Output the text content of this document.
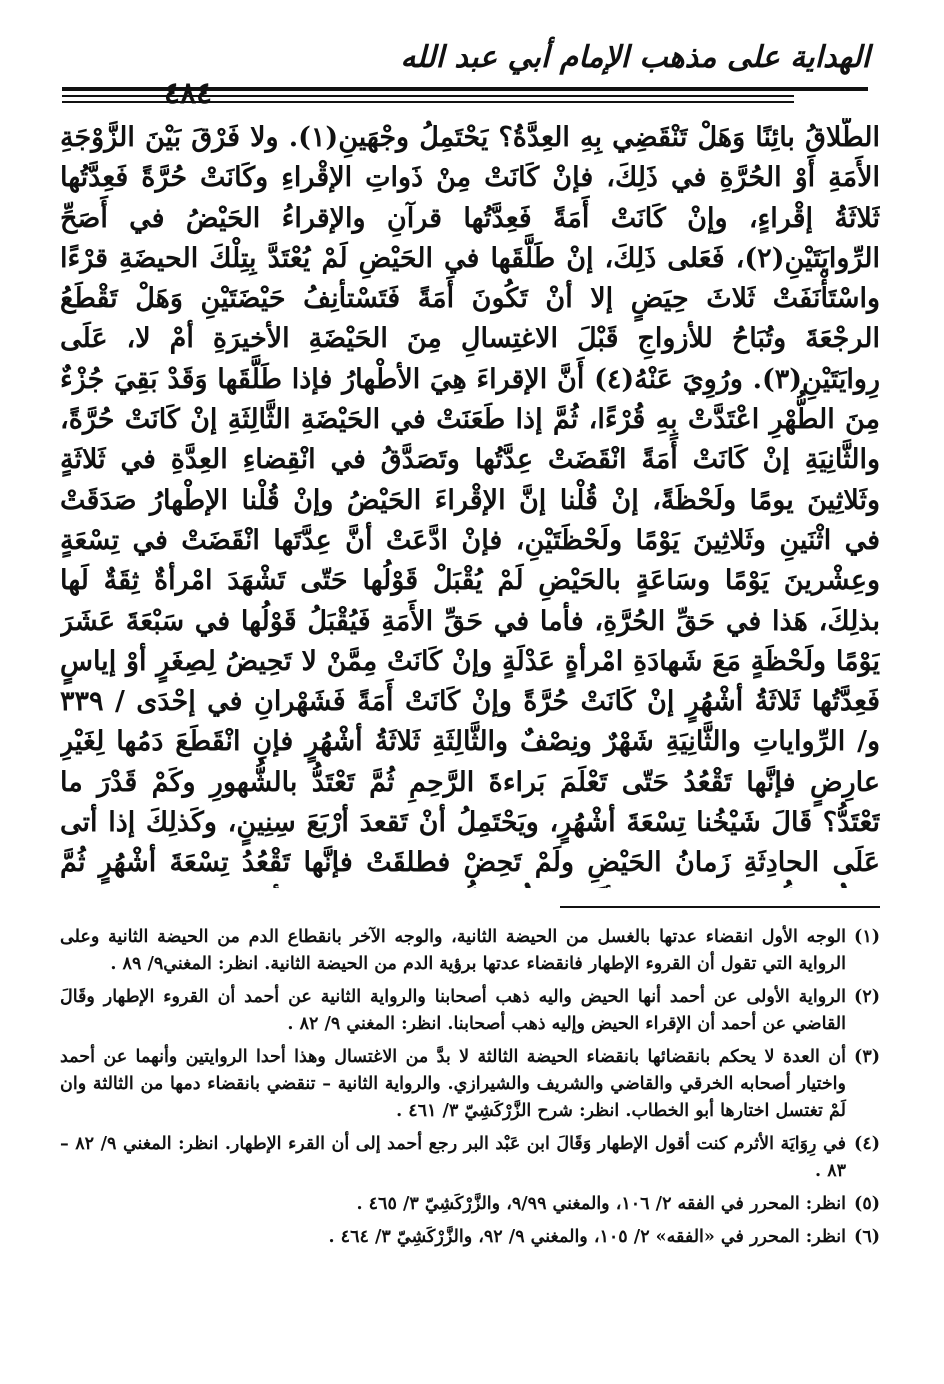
الهداية على مذهب الإمام أبي عبد الله
٤٨٤

الطَّلاقُ بائِنًا وَهَلْ تَنْقَضِي بِهِ العِدَّةُ؟ يَحْتَمِلُ وجْهَينِ(١). ولا فَرْقَ بَيْنَ الزَّوْجَةِ الأَمَةِ أَوْ الحُرَّةِ في ذَلِكَ، فإنْ كَانَتْ مِنْ ذَواتِ الإقْراءِ وكَانَتْ حُرَّةً فَعِدَّتُها ثَلاثَةُ إقْراءٍ، وإنْ كَانَتْ أَمَةً فَعِدَّتُها قرآنِ والإقراءُ الحَيْضُ في أَصَحِّ الرِّوايَتَيْنِ(٢)، فَعَلى ذَلِكَ، إنْ طَلَّقَها في الحَيْضِ لَمْ يُعْتَدَّ بِتِلْكَ الحيضَةِ قرْءًا واسْتَأْنَفَتْ ثَلاثَ حِيَضٍ إلا أنْ تَكُونَ أَمَةً فَتَسْتأنِفُ حَيْضَتَيْنِ وَهَلْ تَقْطَعُ الرجْعَةَ وتُبَاحُ للأزواجِ قَبْلَ الاغتِسالِ مِنَ الحَيْضَةِ الأخيرَةِ أمْ لا، عَلَى رِوايَتَيْنِ(٣). ورُوِيَ عَنْهُ(٤) أَنَّ الإقراءَ هِيَ الأطْهارُ فإذا طَلَّقَها وَقَدْ بَقِيَ جُزْءٌ مِنَ الطُّهْرِ اعْتَدَّتْ بِهِ قُرْءًا، ثُمَّ إذا طَعَنَتْ في الحَيْضَةِ الثَّالِثَةِ إنْ كَانَتْ حُرَّةً، والثَّانِيَةِ إنْ كَانَتْ أَمَةً انْقَضَتْ عِدَّتُها وتَصَدَّقُ في انْقِضاءِ العِدَّةِ في ثَلاثَةٍ وثَلاثِينَ يومًا ولَحْظَةً، إنْ قُلْنا إنَّ الإقْراءَ الحَيْضُ وإنْ قُلْنا الإطْهارُ صَدَقَتْ في اثْنَينِ وثَلاثِينَ يَوْمًا ولَحْظَتَيْنِ، فإنْ ادَّعَتْ أنَّ عِدَّتَها انْقَضَتْ في تِسْعَةٍ وعِشْرينَ يَوْمًا وسَاعَةٍ بالحَيْضِ لَمْ يُقْبَلْ قَوْلُها حَتّى تَشْهَدَ امْرأةٌ ثِقَةٌ لَها بذلِكَ، هَذا في حَقِّ الحُرَّةِ، فأما في حَقِّ الأَمَةِ فَيُقْبَلُ قَوْلُها في سَبْعَةَ عَشَرَ يَوْمًا ولَحْظَةٍ مَعَ شَهادَةِ امْرأةٍ عَدْلَةٍ وإنْ كَانَتْ مِمَّنْ لا تَحِيضُ لِصِغَرٍ أوْ إياسٍ فَعِدَّتُها ثَلاثَةُ أشْهُرٍ إنْ كَانَتْ حُرَّةً وإنْ كَانَتْ أَمَةً فَشَهْرانِ في إحْدَى / ٣٣٩ و/ الرِّواياتِ والثَّانِيَةِ شَهْرٌ ونِصْفٌ والثَّالِثَةِ ثَلاثَةُ أشْهُرٍ فإنِ انْقَطَعَ دَمُها لِغَيْرِ عارِضٍ فإنَّها تَقْعُدُ حَتّى تَعْلَمَ بَراءةَ الرَّحِمِ ثُمَّ تَعْتَدُّ بالشُّهورِ وكَمْ قَدْرَ ما تَعْتَدُّ؟ قَالَ شَيْخُنا تِسْعَةَ أشْهُرٍ، ويَحْتَمِلُ أنْ تَقعدَ أرْبَعَ سِنِينٍ، وكَذلِكَ إذا أتى عَلَى الحادِثَةِ زَمانُ الحَيْضِ ولَمْ تَحِضْ فطلقَتْ فإنَّها تَقْعُدُ تِسْعَةَ أشْهُرٍ ثُمَّ

(١)
الوجه الأول انقضاء عدتها بالغسل من الحيضة الثانية، والوجه الآخر بانقطاع الدم من الحيضة الثانية وعلى الرواية التي تقول أن القروء الإطهار فانقضاء عدتها برؤية الدم من الحيضة الثانية. انظر: المغني٩/ ٨٩ .
(٢)
الرواية الأولى عن أحمد أنها الحيض واليه ذهب أصحابنا والرواية الثانية عن أحمد أن القروء الإطهار وقَالَ القاضي عن أحمد أن الإقراء الحيض وإليه ذهب أصحابنا. انظر: المغني ٩/ ٨٢ .
(٣)
أن العدة لا يحكم بانقضائها بانقضاء الحيضة الثالثة لا بدَّ من الاغتسال وهذا أحدا الروايتين وأنهما عن أحمد واختيار أصحابه الخرقي والقاضي والشريف والشيرازي. والرواية الثانية – تنقضي بانقضاء دمها من الثالثة وان لَمْ تغتسل اختارها أبو الخطاب. انظر: شرح الزَّرْكَشِيّ ٣/ ٤٦١ .
(٤)
في رِوَايَة الأثرم كنت أقول الإطهار وَقَالَ ابن عَبْد البر رجع أحمد إلى أن القرء الإطهار. انظر: المغني ٩/ ٨٢ – ٨٣ .
(٥)
انظر: المحرر في الفقه ٢/ ١٠٦، والمغني ٩/٩٩، والزَّرْكَشِيّ ٣/ ٤٦٥ .
(٦)
انظر: المحرر في «الفقه» ٢/ ١٠٥، والمغني ٩/ ٩٢، والزَّرْكَشِيّ ٣/ ٤٦٤ .
